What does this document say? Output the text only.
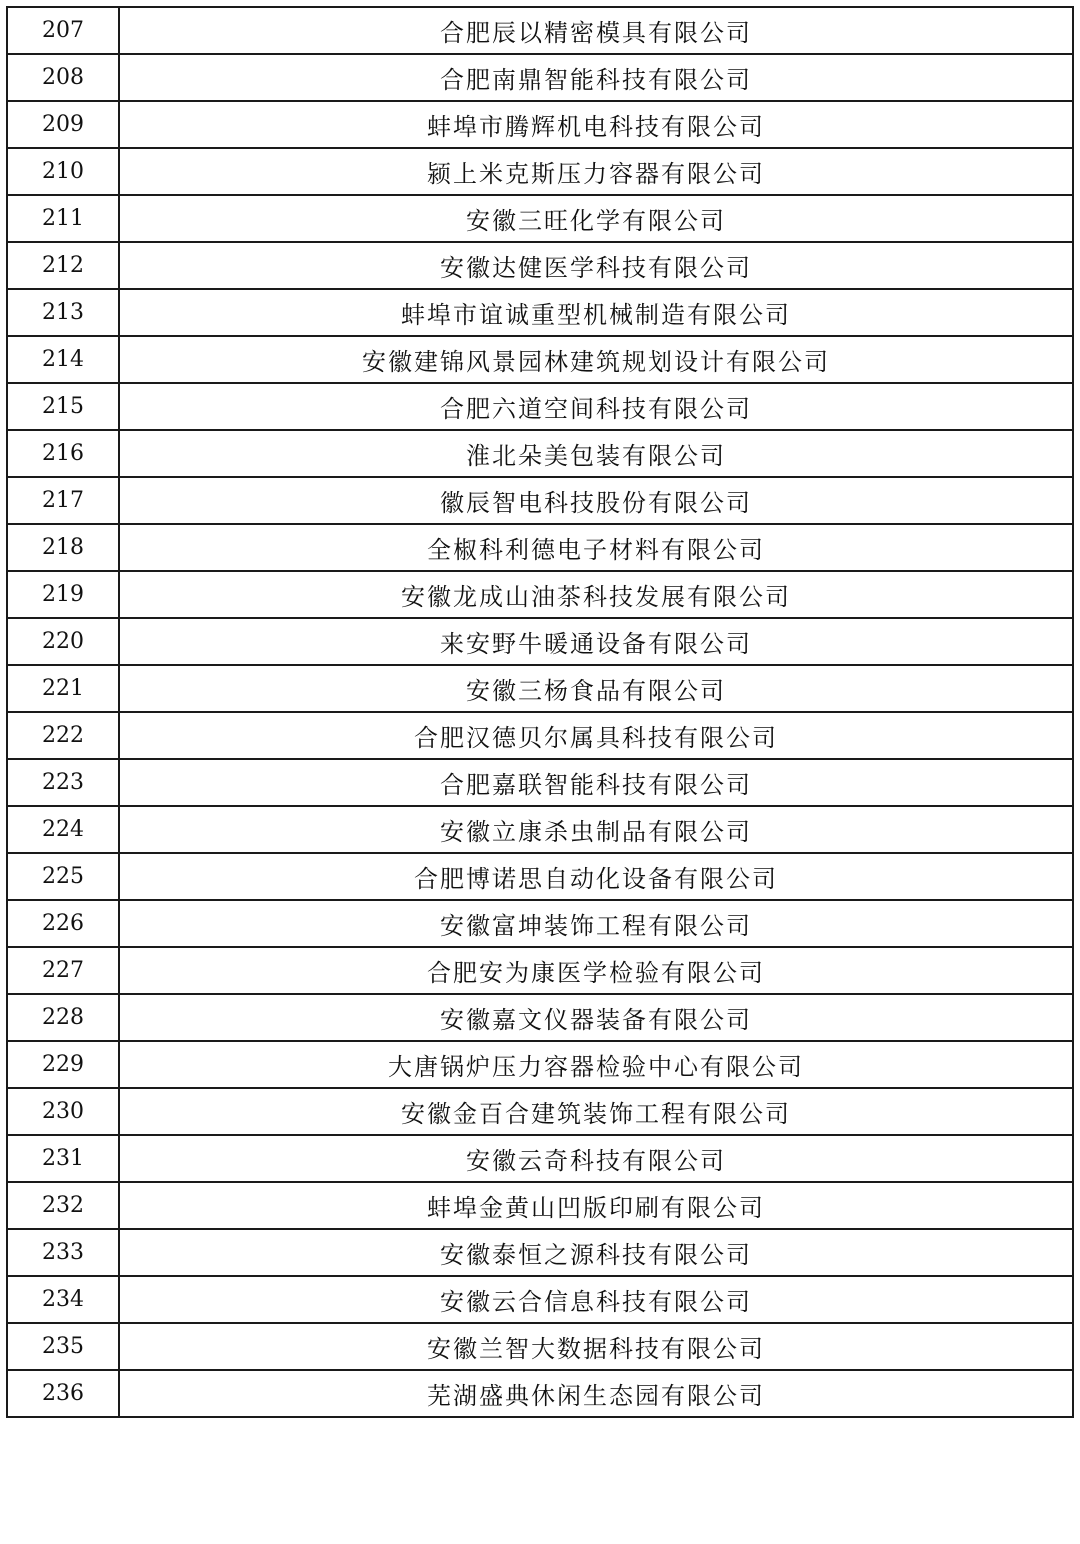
207	合肥辰以精密模具有限公司
208	合肥南鼎智能科技有限公司
209	蚌埠市腾辉机电科技有限公司
210	颍上米克斯压力容器有限公司
211	安徽三旺化学有限公司
212	安徽达健医学科技有限公司
213	蚌埠市谊诚重型机械制造有限公司
214	安徽建锦风景园林建筑规划设计有限公司
215	合肥六道空间科技有限公司
216	淮北朵美包装有限公司
217	徽辰智电科技股份有限公司
218	全椒科利德电子材料有限公司
219	安徽龙成山油茶科技发展有限公司
220	来安野牛暖通设备有限公司
221	安徽三杨食品有限公司
222	合肥汉德贝尔属具科技有限公司
223	合肥嘉联智能科技有限公司
224	安徽立康杀虫制品有限公司
225	合肥博诺思自动化设备有限公司
226	安徽富坤装饰工程有限公司
227	合肥安为康医学检验有限公司
228	安徽嘉文仪器装备有限公司
229	大唐锅炉压力容器检验中心有限公司
230	安徽金百合建筑装饰工程有限公司
231	安徽云奇科技有限公司
232	蚌埠金黄山凹版印刷有限公司
233	安徽泰恒之源科技有限公司
234	安徽云合信息科技有限公司
235	安徽兰智大数据科技有限公司
236	芜湖盛典休闲生态园有限公司
